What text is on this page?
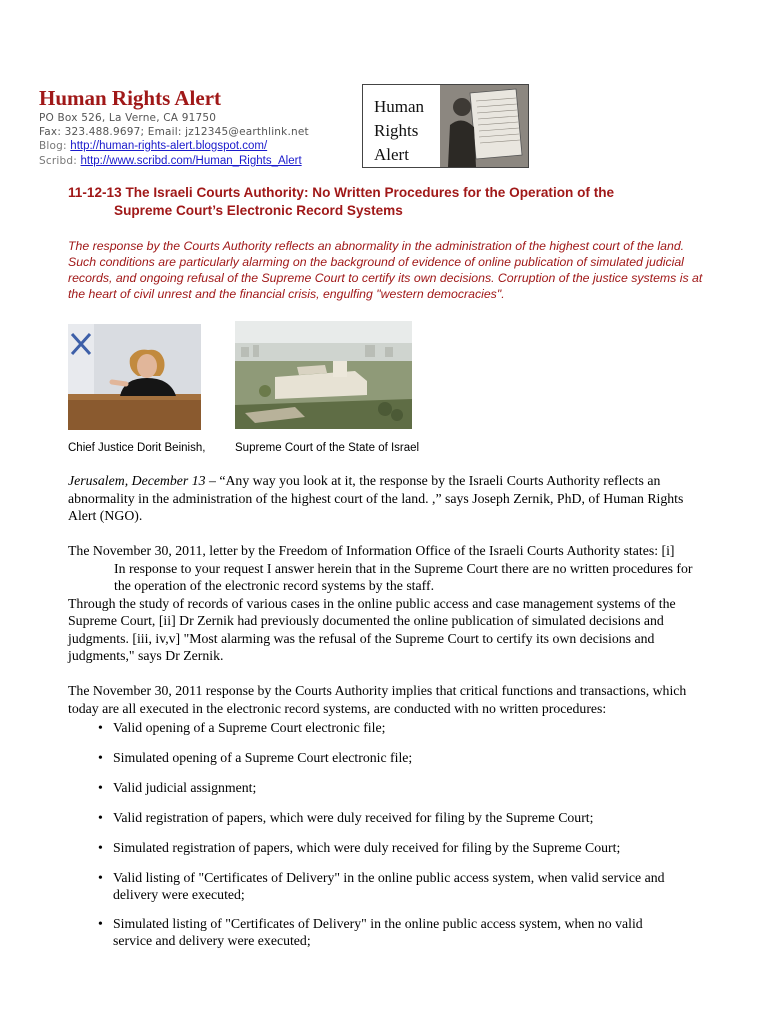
Human Rights Alert
PO Box 526, La Verne, CA 91750
Fax: 323.488.9697; Email: jz12345@earthlink.net
Blog: http://human-rights-alert.blogspot.com/
Scribd: http://www.scribd.com/Human_Rights_Alert
Human
Rights
Alert
11-12-13 The Israeli Courts Authority: No Written Procedures for the Operation of the
Supreme Court’s Electronic Record Systems
The response by the Courts Authority reflects an abnormality in the administration of the highest court of the land. Such conditions are particularly alarming on the background of evidence of online publication of simulated judicial records, and ongoing refusal of the Supreme Court to certify its own decisions. Corruption of the justice systems is at the heart of civil unrest and the financial crisis, engulfing "western democracies".
Chief Justice Dorit Beinish,	Supreme Court of the State of Israel
Jerusalem, December 13 – “Any way you look at it, the response by the Israeli Courts Authority reflects an abnormality in the administration of the highest court of the land. ,” says Joseph Zernik, PhD, of Human Rights Alert (NGO).
The November 30, 2011, letter by the Freedom of Information Office of the Israeli Courts Authority states: [i]
In response to your request I answer herein that in the Supreme Court there are no written procedures for the operation of the electronic record systems by the staff.
Through the study of records of various cases in the online public access and case management systems of the Supreme Court, [ii] Dr Zernik had previously documented the online publication of simulated decisions and judgments. [iii, iv,v] "Most alarming was the refusal of the Supreme Court to certify its own decisions and judgments," says Dr Zernik.
The November 30, 2011 response by the Courts Authority implies that critical functions and transactions, which today are all executed in the electronic record systems, are conducted with no written procedures:
• Valid opening of a Supreme Court electronic file;
• Simulated opening of a Supreme Court electronic file;
• Valid judicial assignment;
• Valid registration of papers, which were duly received for filing by the Supreme Court;
• Simulated registration of papers, which were duly received for filing by the Supreme Court;
• Valid listing of "Certificates of Delivery" in the online public access system, when valid service and delivery were executed;
• Simulated listing of "Certificates of Delivery" in the online public access system, when no valid service and delivery were executed;
